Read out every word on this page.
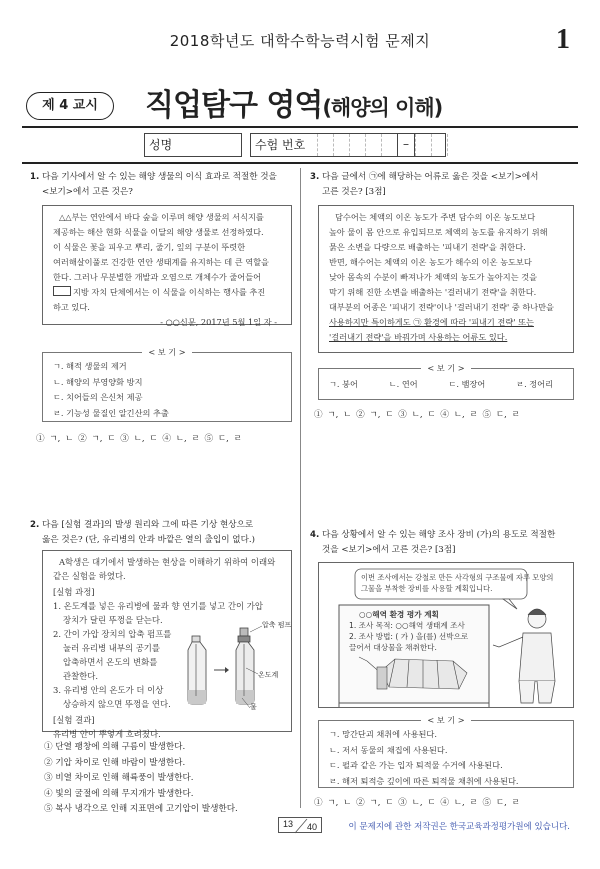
2018학년도 대학수학능력시험 문제지	1
제 4 교시	직업탐구 영역(해양의 이해)
성명	수험 번호	–
1. 다음 기사에서 알 수 있는 해양 생물의 이식 효과로 적절한 것을
<보기>에서 고른 것은?
△△부는 연안에서 바다 숲을 이루며 해양 생물의 서식지를
제공하는 해산 현화 식물을 이달의 해양 생물로 선정하였다.
이 식물은 꽃을 피우고 뿌리, 줄기, 잎의 구분이 뚜렷한
여러해살이풀로 건강한 연안 생태계를 유지하는 데 큰 역할을
한다. 그러나 무분별한 개발과 오염으로 개체수가 줄어들어
지방 자치 단체에서는 이 식물을 이식하는 행사를 추진
하고 있다.
- ○○신문, 2017년 5월 1일 자 -
< 보 기 >
ㄱ. 해적 생물의 제거
ㄴ. 해양의 부영양화 방지
ㄷ. 치어들의 은신처 제공
ㄹ. 기능성 물질인 알긴산의 추출
① ㄱ, ㄴ ② ㄱ, ㄷ ③ ㄴ, ㄷ ④ ㄴ, ㄹ ⑤ ㄷ, ㄹ
3. 다음 글에서 ㉠에 해당하는 어류로 옳은 것을 <보기>에서
고른 것은? [3점]
담수어는 체액의 이온 농도가 주변 담수의 이온 농도보다
높아 물이 몸 안으로 유입되므로 체액의 농도를 유지하기 위해
묽은 소변을 다량으로 배출하는 '피내기 전략'을 취한다.
반면, 해수어는 체액의 이온 농도가 해수의 이온 농도보다
낮아 몸속의 수분이 빠져나가 체액의 농도가 높아지는 것을
막기 위해 진한 소변을 배출하는 '걸러내기 전략'을 취한다.
대부분의 어종은 '피내기 전략'이나 '걸러내기 전략' 중 하나만을
사용하지만 특이하게도 ㉠ 환경에 따라 '피내기 전략' 또는
'걸러내기 전략'을 바꿔가며 사용하는 어류도 있다.
< 보 기 >
ㄱ. 붕어	ㄴ. 연어	ㄷ. 뱀장어	ㄹ. 정어리
① ㄱ, ㄴ ② ㄱ, ㄷ ③ ㄴ, ㄷ ④ ㄴ, ㄹ ⑤ ㄷ, ㄹ
2. 다음 [실험 결과]의 발생 원리와 그에 따른 기상 현상으로
옳은 것은? (단, 유리병의 안과 바깥은 열의 출입이 없다.)
A학생은 대기에서 발생하는 현상을 이해하기 위하여 이래와
같은 실험을 하였다.
[실험 과정]
1. 온도계를 넣은 유리병에 물과 향 연기를 넣고 간이 가압
장치가 달린 뚜껑을 닫는다.
2. 간이 가압 장치의 압축 펌프를
눌러 유리병 내부의 공기를
압축하면서 온도의 변화를
관찰한다.
3. 유리병 안의 온도가 더 이상
상승하지 않으면 뚜껑을 연다.
[실험 결과]
유리병 안이 뿌옇게 흐려졌다.
압축 펌프
온도계
물
① 단열 팽창에 의해 구름이 발생한다.
② 기압 차이로 인해 바람이 발생한다.
③ 비열 차이로 인해 해륙풍이 발생한다.
④ 빛의 굴절에 의해 무지개가 발생한다.
⑤ 복사 냉각으로 인해 지표면에 고기압이 발생한다.
4. 다음 상황에서 알 수 있는 해양 조사 장비 (가)의 용도로 적절한
것을 <보기>에서 고른 것은? [3점]
이번 조사에서는 강철로 만든 사각형의 구조물에 자루 모양의
그물을 부착한 장비를 사용할 계획입니다.
○○해역 환경 평가 계획
1. 조사 목적: ○○해역 생태계 조사
2. 조사 방법: ( 가 ) 을(를) 선박으로
끌어서 대상물을 채취한다.
< 보 기 >
ㄱ. 망간단괴 채취에 사용된다.
ㄴ. 저서 동물의 채집에 사용된다.
ㄷ. 펄과 같은 가는 입자 퇴적물 수거에 사용된다.
ㄹ. 해저 퇴적층 깊이에 따른 퇴적물 채취에 사용된다.
① ㄱ, ㄴ ② ㄱ, ㄷ ③ ㄴ, ㄷ ④ ㄴ, ㄹ ⑤ ㄷ, ㄹ
13 40	이 문제지에 관한 저작권은 한국교육과정평가원에 있습니다.
